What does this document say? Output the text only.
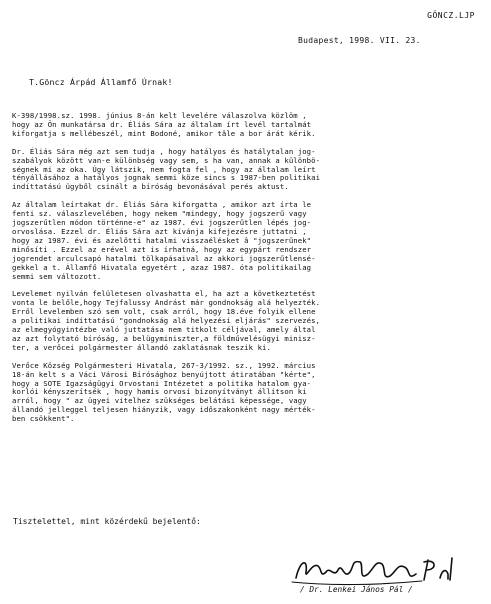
GÖNCZ.LJP
Budapest, 1998. VII. 23.
T.Göncz Árpád Államfő Úrnak!
K-398/1998.sz. 1998. június 8-án kelt levelére válaszolva közlöm ,
hogy az Ön munkatársa dr. Éliás Sára az általam írt levél tartalmát
kiforgatja s mellébeszél, mint Bodoné, amikor tâle a bor árát kérik.
Dr. Éliás Sára még azt sem tudja , hogy hatályos és hatálytalan jog-
szabályok között van-e különbség vagy sem, s ha van, annak a különbö-
ségnek mi az oka. Úgy látszik, nem fogta fel , hogy az általam leírt
tényállásához a hatályos jognak semmi köze sincs s 1987-ben politikai
indíttatású ügyből csinált a bíróság bevonásával perés aktust.
Az általam leírtakat dr. Éliás Sára kiforgatta , amikor azt írta le
fenti sz. válaszlevelében, hogy nekem "mindegy, hogy jogszerű vagy
jogszerűtlen módon történne-e" az 1987. évi jogszerűtlen lépés jog-
orvoslása. Ezzel dr. Éliás Sára azt kívánja kifejezésre juttatni ,
hogy az 1987. évi és azelőtti hatalmi visszaélésket â "jogszerűnek"
minősíti . Ezzel az erével azt is írhatná, hogy az egypárt rendszer
jogrendet arculcsapó hatalmi tölkapásaival az akkori jogszerűtlensé-
gekkel a t. Államfő Hivatala egyetért , azaz 1987. óta politikailag
semmi sem változott.
Levelemet nyilván felületesen olvashatta el, ha azt a következtetést
vonta le belőle,hogy Tejfalussy Andrást már gondnokság alá helyezték.
Erről levelemben szó sem volt, csak arról, hogy 18.éve folyik ellene
a politikai indíttatású "gondnokság alá helyezési eljárás" szervezés,
az elmegyógyintézbe való juttatása nem titkolt céljával, amely által
az azt folytató bíróság, a belügyminiszter,a földművelésügyi minisz-
ter, a verőcei polgármester állandó zaklatásnak teszik ki.
Verőce Község Polgármesteri Hivatala, 267-3/1992. sz., 1992. március
18-án kelt s a Váci Városi Bírósághoz benyújtott átiratában "kérte",
hogy a SOTE Igazságügyi Orvostani Intézetet a politika hatalom gya-
korlói kényszerítsék , hogy hamis orvosi bizonyítványt állítson ki
arról, hogy " az ügyei vitelhez szükséges belátási képessége, vagy
állandó jelleggel teljesen hiányzik, vagy időszakonként nagy mérték-
ben csökkent".
Tisztelettel, mint közérdekű bejelentő:
/ Dr. Lenkei János Pál /
